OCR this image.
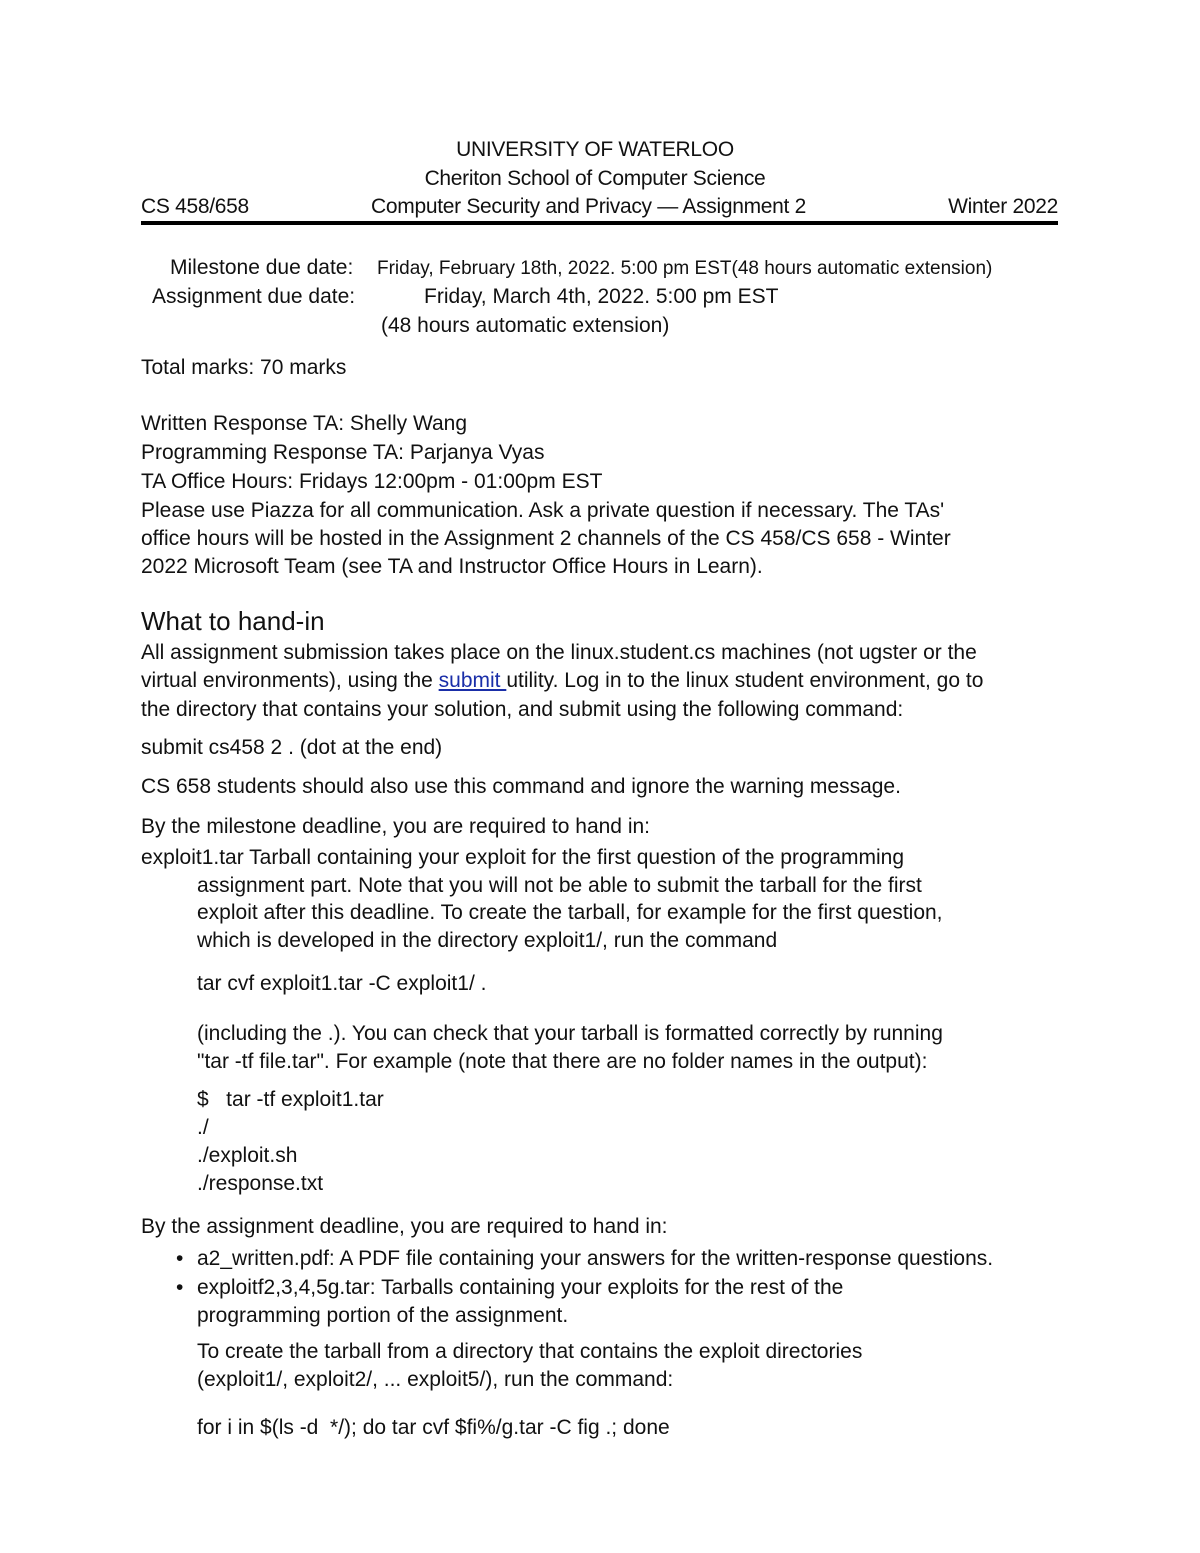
UNIVERSITY OF WATERLOO
Cheriton School of Computer Science
CS 458/658	Computer Security and Privacy — Assignment 2	Winter 2022
Milestone due date: Friday, February 18th, 2022. 5:00 pm EST(48 hours automatic extension)
Assignment due date:	Friday, March 4th, 2022. 5:00 pm EST
(48 hours automatic extension)
Total marks: 70 marks
Written Response TA: Shelly Wang
Programming Response TA: Parjanya Vyas
TA Office Hours: Fridays 12:00pm - 01:00pm EST
Please use Piazza for all communication. Ask a private question if necessary. The TAs'
office hours will be hosted in the Assignment 2 channels of the CS 458/CS 658 - Winter
2022 Microsoft Team (see TA and Instructor Office Hours in Learn).
What to hand-in
All assignment submission takes place on the linux.student.cs machines (not ugster or the
virtual environments), using the submit utility. Log in to the linux student environment, go to
the directory that contains your solution, and submit using the following command:
submit cs458 2 . (dot at the end)
CS 658 students should also use this command and ignore the warning message.
By the milestone deadline, you are required to hand in:
exploit1.tar Tarball containing your exploit for the first question of the programming
assignment part. Note that you will not be able to submit the tarball for the first
exploit after this deadline. To create the tarball, for example for the first question,
which is developed in the directory exploit1/, run the command
tar cvf exploit1.tar -C exploit1/ .
(including the .). You can check that your tarball is formatted correctly by running
"tar -tf file.tar". For example (note that there are no folder names in the output):
$   tar -tf exploit1.tar
./
./exploit.sh
./response.txt
By the assignment deadline, you are required to hand in:
• a2_written.pdf: A PDF file containing your answers for the written-response questions.
• exploitf2,3,4,5g.tar: Tarballs containing your exploits for the rest of the
programming portion of the assignment.
To create the tarball from a directory that contains the exploit directories
(exploit1/, exploit2/, ... exploit5/), run the command:
for i in $(ls -d  */); do tar cvf $fi%/g.tar -C fig .; done
